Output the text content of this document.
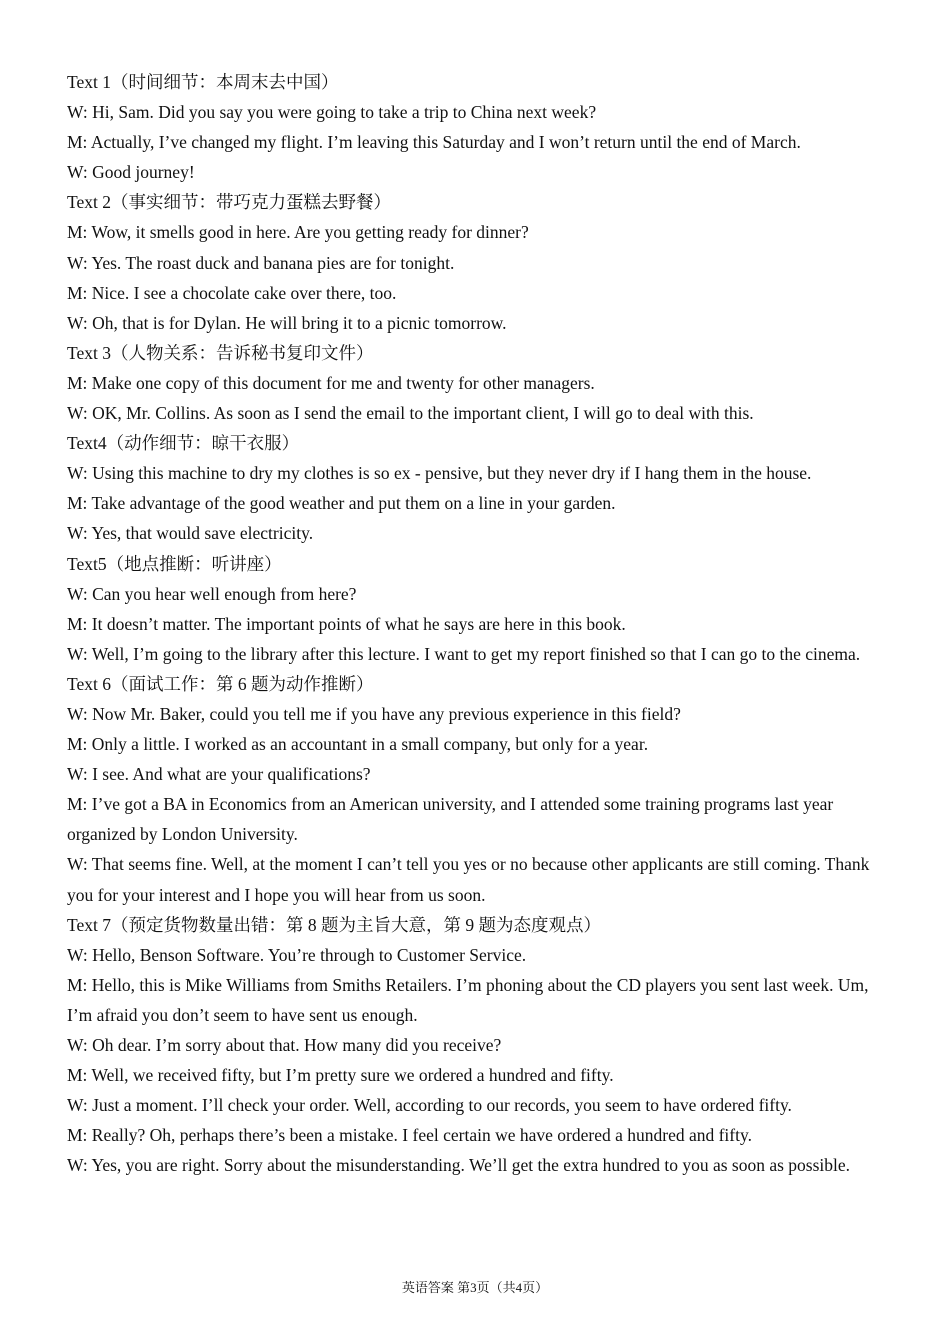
Text 1（时间细节：本周末去中国）
W: Hi, Sam. Did you say you were going to take a trip to China next week?
M: Actually, I’ve changed my flight. I’m leaving this Saturday and I won’t return until the end of March.
W: Good journey!
Text 2（事实细节：带巧克力蛋糕去野餐）
M: Wow, it smells good in here. Are you getting ready for dinner?
W: Yes. The roast duck and banana pies are for tonight.
M: Nice. I see a chocolate cake over there, too.
W: Oh, that is for Dylan. He will bring it to a picnic tomorrow.
Text 3（人物关系：告诉秘书复印文件）
M: Make one copy of this document for me and twenty for other managers.
W: OK, Mr. Collins. As soon as I send the email to the important client, I will go to deal with this.
Text4（动作细节：晾干衣服）
W: Using this machine to dry my clothes is so ex - pensive, but they never dry if I hang them in the house.
M: Take advantage of the good weather and put them on a line in your garden.
W: Yes, that would save electricity.
Text5（地点推断：听讲座）
W: Can you hear well enough from here?
M: It doesn’t matter. The important points of what he says are here in this book.
W: Well, I’m going to the library after this lecture. I want to get my report finished so that I can go to the cinema.
Text 6（面试工作：第 6 题为动作推断）
W: Now Mr. Baker, could you tell me if you have any previous experience in this field?
M: Only a little. I worked as an accountant in a small company, but only for a year.
W: I see. And what are your qualifications?
M: I’ve got a BA in Economics from an American university, and I attended some training programs last year organized by London University.
W: That seems fine. Well, at the moment I can’t tell you yes or no because other applicants are still coming. Thank you for your interest and I hope you will hear from us soon.
Text 7（预定货物数量出错：第 8 题为主旨大意，第 9 题为态度观点）
W: Hello, Benson Software. You’re through to Customer Service.
M: Hello, this is Mike Williams from Smiths Retailers. I’m phoning about the CD players you sent last week. Um, I’m afraid you don’t seem to have sent us enough.
W: Oh dear. I’m sorry about that. How many did you receive?
M: Well, we received fifty, but I’m pretty sure we ordered a hundred and fifty.
W: Just a moment. I’ll check your order. Well, according to our records, you seem to have ordered fifty.
M: Really? Oh, perhaps there’s been a mistake. I feel certain we have ordered a hundred and fifty.
W: Yes, you are right. Sorry about the misunderstanding. We’ll get the extra hundred to you as soon as possible.
英语答案 第3页（共4页）
